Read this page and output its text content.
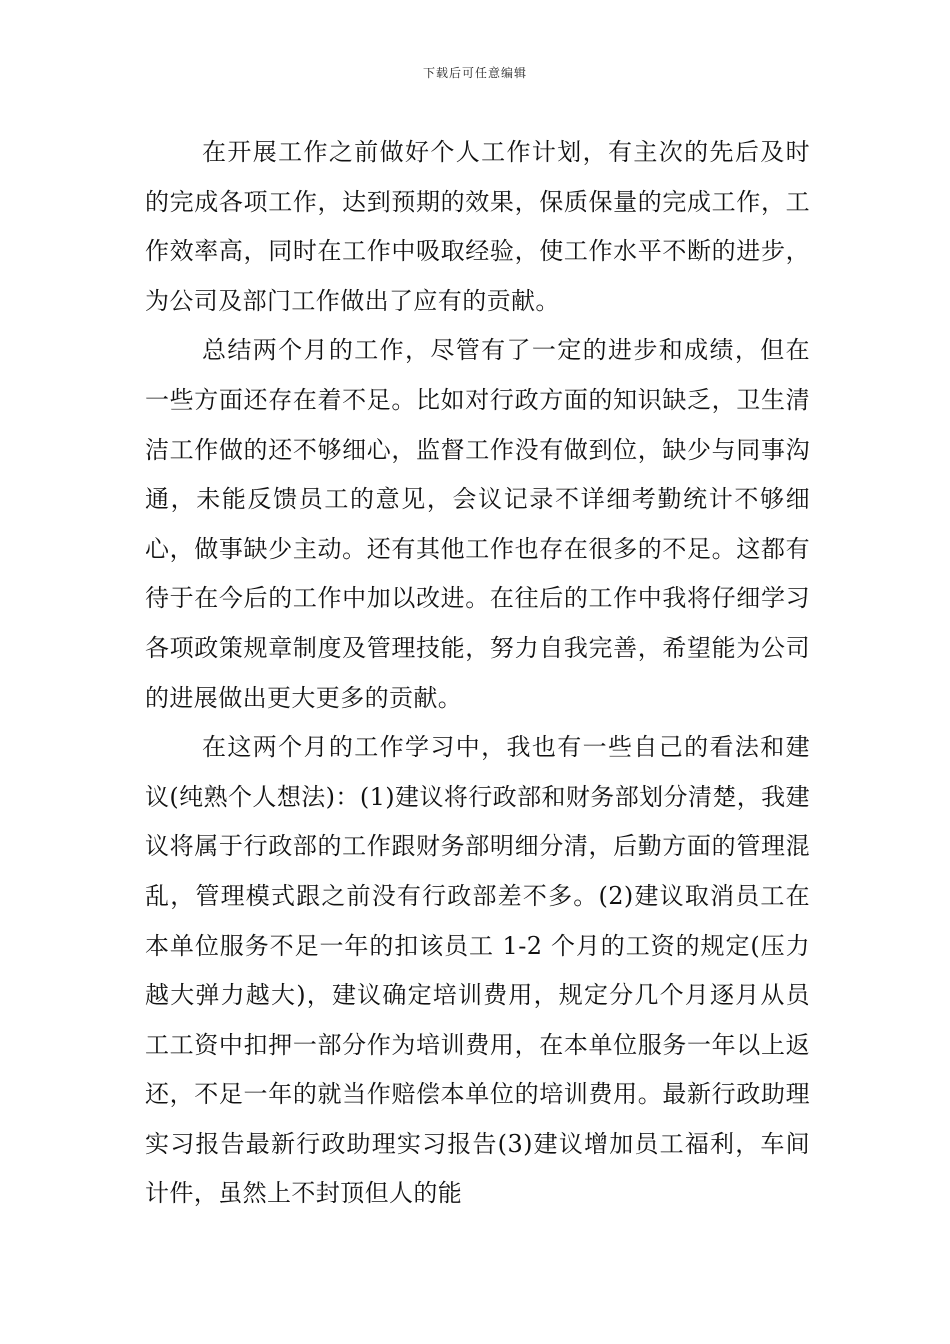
下载后可任意编辑

在开展工作之前做好个人工作计划，有主次的先后及时的完成各项工作，达到预期的效果，保质保量的完成工作，工作效率高，同时在工作中吸取经验，使工作水平不断的进步，为公司及部门工作做出了应有的贡献。

总结两个月的工作，尽管有了一定的进步和成绩，但在一些方面还存在着不足。比如对行政方面的知识缺乏，卫生清洁工作做的还不够细心，监督工作没有做到位，缺少与同事沟通，未能反馈员工的意见，会议记录不详细考勤统计不够细心，做事缺少主动。还有其他工作也存在很多的不足。这都有待于在今后的工作中加以改进。在往后的工作中我将仔细学习各项政策规章制度及管理技能，努力自我完善，希望能为公司的进展做出更大更多的贡献。

在这两个月的工作学习中，我也有一些自己的看法和建议(纯熟个人想法)：(1)建议将行政部和财务部划分清楚，我建议将属于行政部的工作跟财务部明细分清，后勤方面的管理混乱，管理模式跟之前没有行政部差不多。(2)建议取消员工在本单位服务不足一年的扣该员工 1-2 个月的工资的规定(压力越大弹力越大)，建议确定培训费用，规定分几个月逐月从员工工资中扣押一部分作为培训费用，在本单位服务一年以上返还，不足一年的就当作赔偿本单位的培训费用。最新行政助理实习报告最新行政助理实习报告(3)建议增加员工福利，车间计件，虽然上不封顶但人的能
